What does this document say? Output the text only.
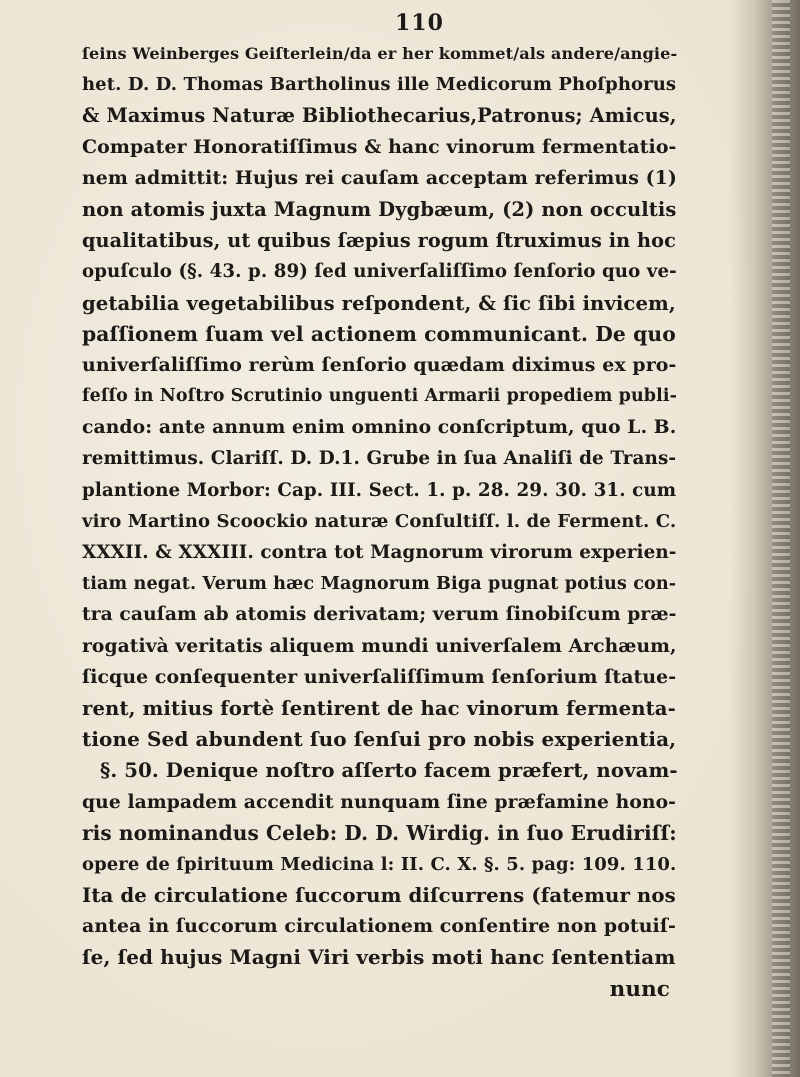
110
ſeins Weinberges Geiſterlein/da er her kommet/als andere/angie-
het. D. D. Thomas Bartholinus ille Medicorum Phoſphorus
& Maximus Naturæ Bibliothecarius,Patronus; Amicus,
Compater Honoratiſſimus & hanc vinorum fermentatio-
nem admittit: Hujus rei cauſam acceptam referimus (1)
non atomis juxta Magnum Dygbæum, (2) non occultis
qualitatibus, ut quibus ſæpius rogum ſtruximus in hoc
opuſculo (§. 43. p. 89) ſed univerſaliſſimo ſenſorio quo ve-
getabilia vegetabilibus reſpondent, & ſic ſibi invicem,
paſſionem ſuam vel actionem communicant. De quo
univerſaliſſimo rerùm ſenſorio quædam diximus ex pro-
feſſo in Noſtro Scrutinio unguenti Armarii propediem publi-
cando: ante annum enim omnino conſcriptum, quo L. B.
remittimus. Clariſſ. D. D.1. Grube in ſua Analiſi de Trans-
plantione Morbor: Cap. III. Sect. 1. p. 28. 29. 30. 31. cum
viro Martino Scoockio naturæ Conſultiſſ. l. de Ferment. C.
XXXII. & XXXIII. contra tot Magnorum virorum experien-
tiam negat. Verum hæc Magnorum Biga pugnat potius con-
tra cauſam ab atomis derivatam; verum ſinobiſcum præ-
rogativà veritatis aliquem mundi univerſalem Archæum,
ſicque conſequenter univerſaliſſimum ſenſorium ſtatue-
rent, mitius fortè ſentirent de hac vinorum fermenta-
tione Sed abundent ſuo ſenſui pro nobis experientia,
§. 50. Denique noſtro aſſerto facem præfert, novam-
que lampadem accendit nunquam ſine præfamine hono-
ris nominandus Celeb: D. D. Wirdig. in ſuo Erudiriſſ:
opere de ſpirituum Medicina l: II. C. X. §. 5. pag: 109. 110.
Ita de circulatione ſuccorum diſcurrens (fatemur nos
antea in ſuccorum circulationem conſentire non potuiſ-
ſe, ſed hujus Magni Viri verbis moti hanc ſententiam
nunc
